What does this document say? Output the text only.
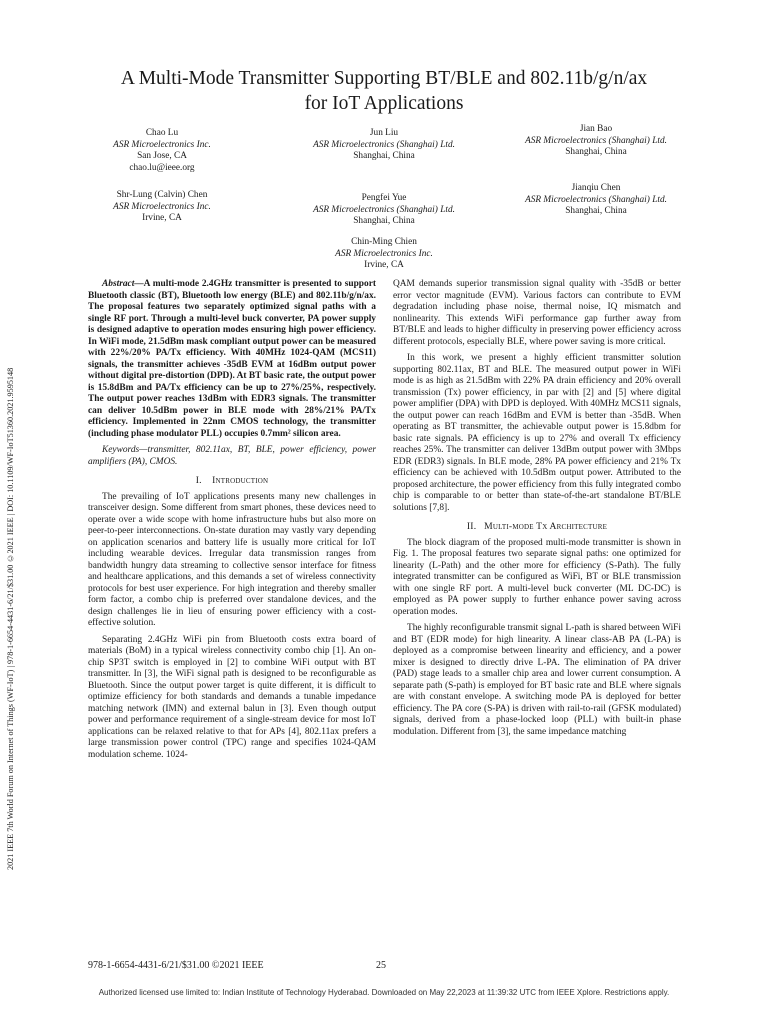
2021 IEEE 7th World Forum on Internet of Things (WF-IoT) | 978-1-6654-4431-6/21/$31.00 ©2021 IEEE | DOI: 10.1109/WF-IoT51360.2021.9595148
A Multi-Mode Transmitter Supporting BT/BLE and 802.11b/g/n/ax
for IoT Applications
Chao Lu
ASR Microelectronics Inc.
San Jose, CA
chao.lu@ieee.org
Jun Liu
ASR Microelectronics (Shanghai) Ltd.
Shanghai, China
Jian Bao
ASR Microelectronics (Shanghai) Ltd.
Shanghai, China
Shr-Lung (Calvin) Chen
ASR Microelectronics Inc.
Irvine, CA
Pengfei Yue
ASR Microelectronics (Shanghai) Ltd.
Shanghai, China
Jianqiu Chen
ASR Microelectronics (Shanghai) Ltd.
Shanghai, China
Chin-Ming Chien
ASR Microelectronics Inc.
Irvine, CA

Abstract—A multi-mode 2.4GHz transmitter is presented to support Bluetooth classic (BT), Bluetooth low energy (BLE) and 802.11b/g/n/ax. The proposal features two separately optimized signal paths with a single RF port. Through a multi-level buck converter, PA power supply is designed adaptive to operation modes ensuring high power efficiency. In WiFi mode, 21.5dBm mask compliant output power can be measured with 22%/20% PA/Tx efficiency. With 40MHz 1024-QAM (MCS11) signals, the transmitter achieves -35dB EVM at 16dBm output power without digital pre-distortion (DPD). At BT basic rate, the output power is 15.8dBm and PA/Tx efficiency can be up to 27%/25%, respectively. The output power reaches 13dBm with EDR3 signals. The transmitter can deliver 10.5dBm power in BLE mode with 28%/21% PA/Tx efficiency. Implemented in 22nm CMOS technology, the transmitter (including phase modulator PLL) occupies 0.7mm² silicon area.

Keywords—transmitter, 802.11ax, BT, BLE, power efficiency, power amplifiers (PA), CMOS.

I. Introduction

The prevailing of IoT applications presents many new challenges in transceiver design. Some different from smart phones, these devices need to operate over a wide scope with home infrastructure hubs but also more on peer-to-peer interconnections. On-state duration may vastly vary depending on application scenarios and battery life is usually more critical for IoT including wearable devices. Irregular data transmission ranges from bandwidth hungry data streaming to collective sensor interface for fitness and healthcare applications, and this demands a set of wireless connectivity protocols for best user experience. For high integration and thereby smaller form factor, a combo chip is preferred over standalone devices, and the design challenges lie in lieu of ensuring power efficiency with a cost-effective solution.

Separating 2.4GHz WiFi pin from Bluetooth costs extra board of materials (BoM) in a typical wireless connectivity combo chip [1]. An on-chip SP3T switch is employed in [2] to combine WiFi output with BT transmitter. In [3], the WiFi signal path is designed to be reconfigurable as Bluetooth. Since the output power target is quite different, it is difficult to optimize efficiency for both standards and demands a tunable impedance matching network (IMN) and external balun in [3]. Even though output power and performance requirement of a single-stream device for most IoT applications can be relaxed relative to that for APs [4], 802.11ax prefers a large transmission power control (TPC) range and specifies 1024-QAM modulation scheme. 1024-

QAM demands superior transmission signal quality with -35dB or better error vector magnitude (EVM). Various factors can contribute to EVM degradation including phase noise, thermal noise, IQ mismatch and nonlinearity. This extends WiFi performance gap further away from BT/BLE and leads to higher difficulty in preserving power efficiency across different protocols, especially BLE, where power saving is more critical.

In this work, we present a highly efficient transmitter solution supporting 802.11ax, BT and BLE. The measured output power in WiFi mode is as high as 21.5dBm with 22% PA drain efficiency and 20% overall transmission (Tx) power efficiency, in par with [2] and [5] where digital power amplifier (DPA) with DPD is deployed. With 40MHz MCS11 signals, the output power can reach 16dBm and EVM is better than -35dB. When operating as BT transmitter, the achievable output power is 15.8dbm for basic rate signals. PA efficiency is up to 27% and overall Tx efficiency reaches 25%. The transmitter can deliver 13dBm output power with 3Mbps EDR (EDR3) signals. In BLE mode, 28% PA power efficiency and 21% Tx efficiency can be achieved with 10.5dBm output power. Attributed to the proposed architecture, the power efficiency from this fully integrated combo chip is comparable to or better than state-of-the-art standalone BT/BLE solutions [7,8].

II. Multi-mode Tx Architecture

The block diagram of the proposed multi-mode transmitter is shown in Fig. 1. The proposal features two separate signal paths: one optimized for linearity (L-Path) and the other more for efficiency (S-Path). The fully integrated transmitter can be configured as WiFi, BT or BLE transmission with one single RF port. A multi-level buck converter (ML DC-DC) is employed as PA power supply to further enhance power saving across operation modes.

The highly reconfigurable transmit signal L-path is shared between WiFi and BT (EDR mode) for high linearity. A linear class-AB PA (L-PA) is deployed as a compromise between linearity and efficiency, and a power mixer is designed to directly drive L-PA. The elimination of PA driver (PAD) stage leads to a smaller chip area and lower current consumption. A separate path (S-path) is employed for BT basic rate and BLE where signals are with constant envelope. A switching mode PA is deployed for better efficiency. The PA core (S-PA) is driven with rail-to-rail (GFSK modulated) signals, derived from a phase-locked loop (PLL) with built-in phase modulation. Different from [3], the same impedance matching

978-1-6654-4431-6/21/$31.00 ©2021 IEEE	25
Authorized licensed use limited to: Indian Institute of Technology Hyderabad. Downloaded on May 22,2023 at 11:39:32 UTC from IEEE Xplore. Restrictions apply.
